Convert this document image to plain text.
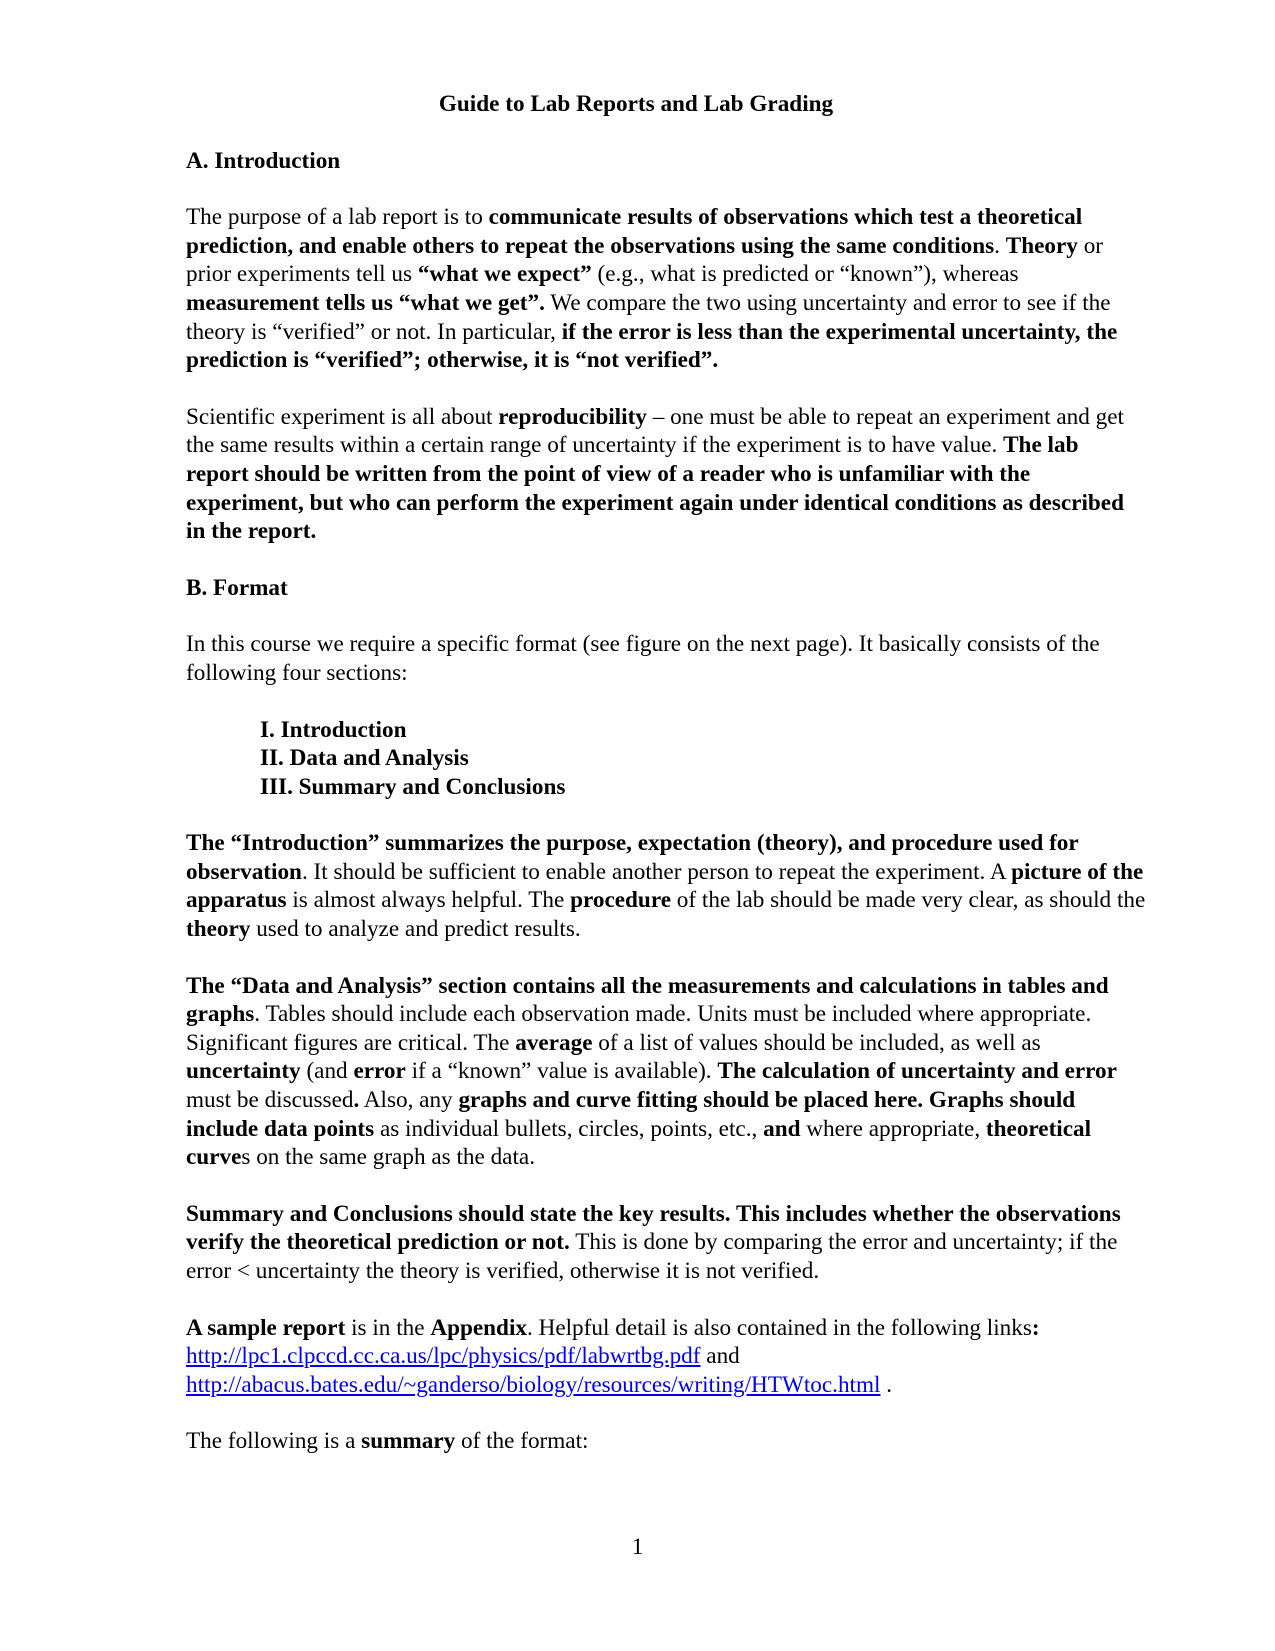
Guide to Lab Reports and Lab Grading
A. Introduction

The purpose of a lab report is to communicate results of observations which test a theoretical prediction, and enable others to repeat the observations using the same conditions. Theory or prior experiments tell us “what we expect” (e.g., what is predicted or “known”), whereas measurement tells us “what we get”. We compare the two using uncertainty and error to see if the theory is “verified” or not. In particular, if the error is less than the experimental uncertainty, the prediction is “verified”; otherwise, it is “not verified”.

Scientific experiment is all about reproducibility – one must be able to repeat an experiment and get the same results within a certain range of uncertainty if the experiment is to have value. The lab report should be written from the point of view of a reader who is unfamiliar with the experiment, but who can perform the experiment again under identical conditions as described in the report.

B. Format

In this course we require a specific format (see figure on the next page). It basically consists of the following four sections:

I. Introduction
II. Data and Analysis
III. Summary and Conclusions

The “Introduction” summarizes the purpose, expectation (theory), and procedure used for observation. It should be sufficient to enable another person to repeat the experiment. A picture of the apparatus is almost always helpful. The procedure of the lab should be made very clear, as should the theory used to analyze and predict results.

The “Data and Analysis” section contains all the measurements and calculations in tables and graphs. Tables should include each observation made. Units must be included where appropriate. Significant figures are critical. The average of a list of values should be included, as well as uncertainty (and error if a “known” value is available). The calculation of uncertainty and error must be discussed. Also, any graphs and curve fitting should be placed here. Graphs should include data points as individual bullets, circles, points, etc., and where appropriate, theoretical curves on the same graph as the data.

Summary and Conclusions should state the key results. This includes whether the observations verify the theoretical prediction or not. This is done by comparing the error and uncertainty; if the error < uncertainty the theory is verified, otherwise it is not verified.

A sample report is in the Appendix. Helpful detail is also contained in the following links:
http://lpc1.clpccd.cc.ca.us/lpc/physics/pdf/labwrtbg.pdf and
http://abacus.bates.edu/~ganderso/biology/resources/writing/HTWtoc.html .

The following is a summary of the format:

1
